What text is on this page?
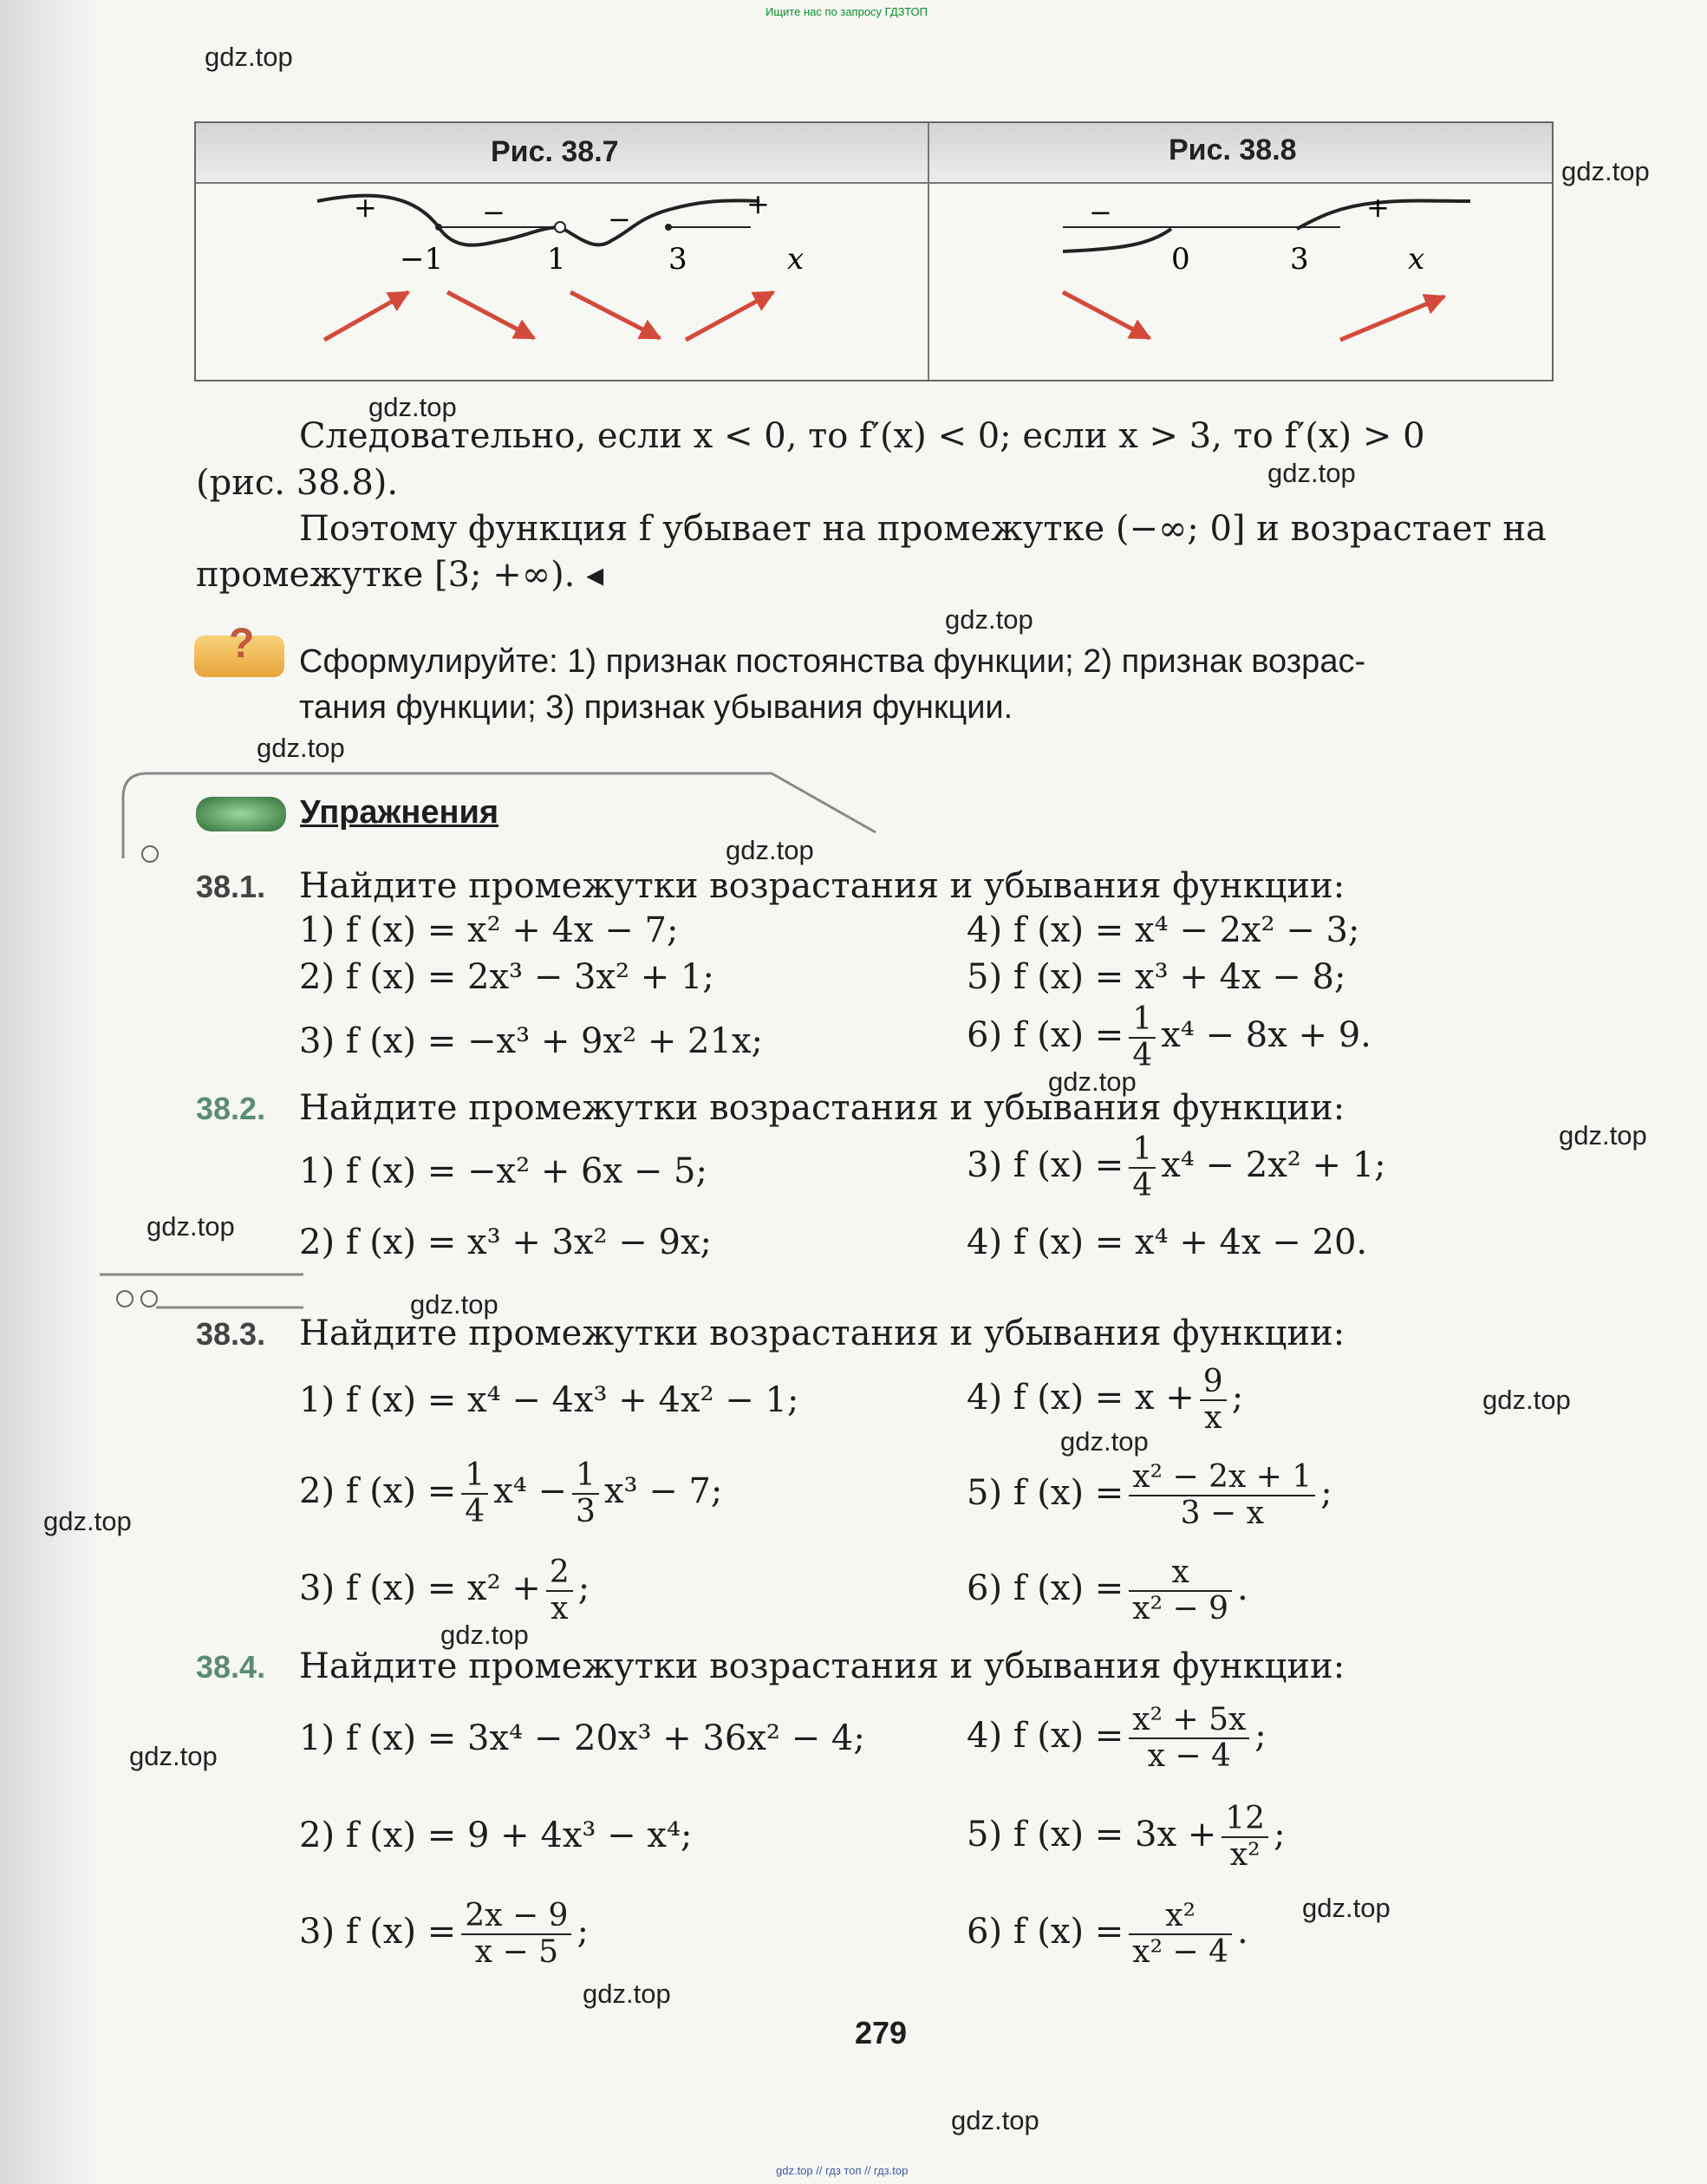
Ищите нас по запросу ГДЗТОП
gdz.top
gdz.top
gdz.top
gdz.top
gdz.top
gdz.top
gdz.top
gdz.top
gdz.top
gdz.top
gdz.top
gdz.top
gdz.top
gdz.top
gdz.top
gdz.top
gdz.top
gdz.top
gdz.top
Рис. 38.7	Рис. 38.8
+	−	−	+
−1	1	3	x
−	+
0	3	x
Следовательно, если x < 0, то f′(x) < 0; если x > 3, то f′(x) > 0
(рис. 38.8).
Поэтому функция f убывает на промежутке (−∞; 0] и возрастает на
промежутке [3; +∞). ◂
? Сформулируйте: 1) признак постоянства функции; 2) признак возрас-
тания функции; 3) признак убывания функции.
Упражнения
38.1. Найдите промежутки возрастания и убывания функции:
1) f (x) = x² + 4x − 7;
2) f (x) = 2x³ − 3x² + 1;
3) f (x) = −x³ + 9x² + 21x;
4) f (x) = x⁴ − 2x² − 3;
5) f (x) = x³ + 4x − 8;
6) f $(x) = \frac{1}{4} x^4 - 8x + 9$.
38.2. Найдите промежутки возрастания и убывания функции:
1) f (x) = −x² + 6x − 5;
2) f (x) = x³ + 3x² − 9x;
3) f $(x) = \frac{1}{4} x^4 - 2x^2 + 1$;
4) f (x) = x⁴ + 4x − 20.
38.3. Найдите промежутки возрастания и убывания функции:
1) f (x) = x⁴ − 4x³ + 4x² − 1;
2) f $(x) = \frac{1}{4} x^4 - \frac{1}{3} x^3 - 7$;
3) f $(x) = x^2 + \frac{2}{x}$ ;
4) f $(x) = x + \frac{9}{x}$ ;
5) f $(x) = \frac{\text{x² − 2x + 1}}{3 - x}$ ;
6) f $(x) = \frac{x}{\text{x² − 9}}$ .
38.4. Найдите промежутки возрастания и убывания функции:
1) f (x) = 3x⁴ − 20x³ + 36x² − 4;
2) f (x) = 9 + 4x³ − x⁴;
3) f $(x) = \frac{2x - 9}{x - 5}$ ;
4) f $(x) = \frac{\text{x² + 5x}}{x - 4}$ ;
5) f $(x) = 3x + \frac{12}{\text{x²}}$ ;
6) f $(x) = \frac{\text{x²}}{\text{x² − 4}}$ .
279
gdz.top // гдз топ // гдз.top
